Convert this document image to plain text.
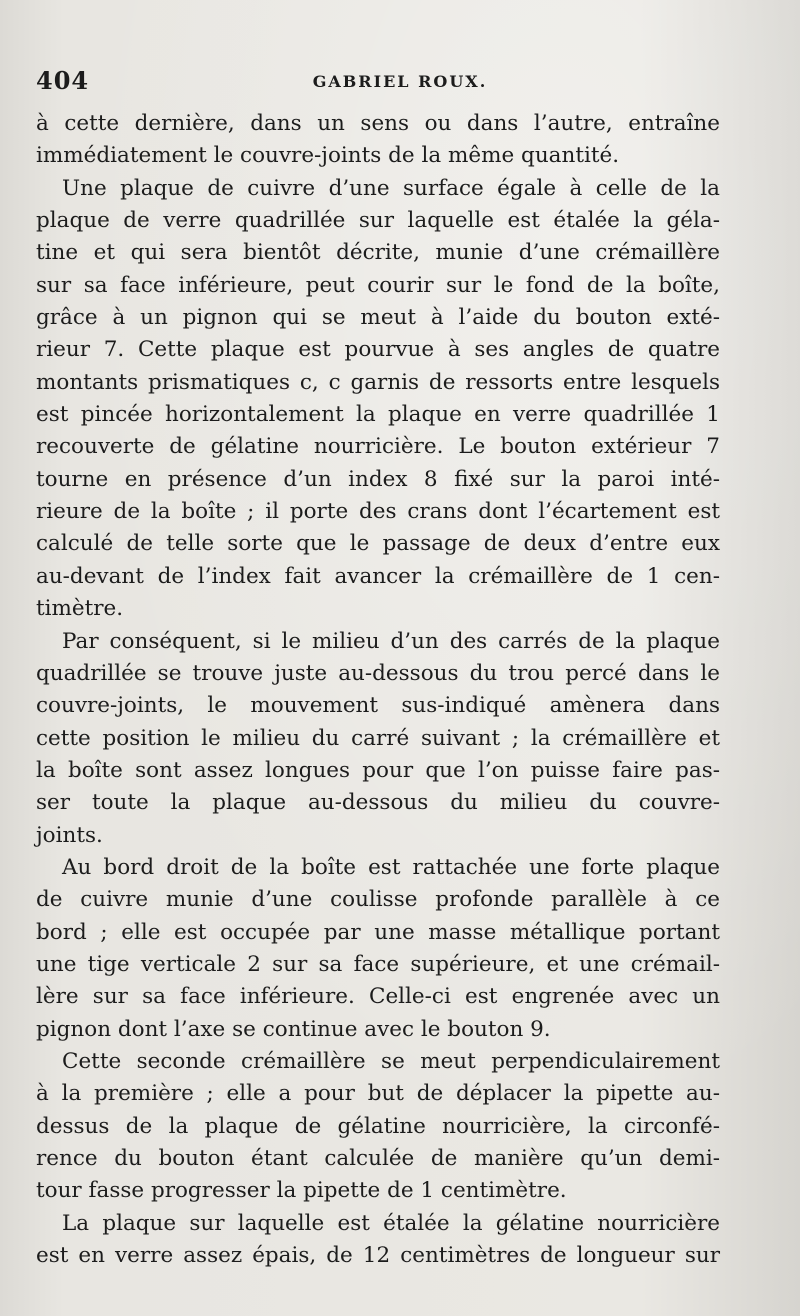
404	GABRIEL ROUX.
à cette dernière, dans un sens ou dans l’autre, entraîne
immédiatement le couvre-joints de la même quantité.
Une plaque de cuivre d’une surface égale à celle de la
plaque de verre quadrillée sur laquelle est étalée la géla-
tine et qui sera bientôt décrite, munie d’une crémaillère
sur sa face inférieure, peut courir sur le fond de la boîte,
grâce à un pignon qui se meut à l’aide du bouton exté-
rieur 7. Cette plaque est pourvue à ses angles de quatre
montants prismatiques c, c garnis de ressorts entre lesquels
est pincée horizontalement la plaque en verre quadrillée 1
recouverte de gélatine nourricière. Le bouton extérieur 7
tourne en présence d’un index 8 fixé sur la paroi inté-
rieure de la boîte ; il porte des crans dont l’écartement est
calculé de telle sorte que le passage de deux d’entre eux
au-devant de l’index fait avancer la crémaillère de 1 cen-
timètre.
Par conséquent, si le milieu d’un des carrés de la plaque
quadrillée se trouve juste au-dessous du trou percé dans le
couvre-joints, le mouvement sus-indiqué amènera dans
cette position le milieu du carré suivant ; la crémaillère et
la boîte sont assez longues pour que l’on puisse faire pas-
ser toute la plaque au-dessous du milieu du couvre-
joints.
Au bord droit de la boîte est rattachée une forte plaque
de cuivre munie d’une coulisse profonde parallèle à ce
bord ; elle est occupée par une masse métallique portant
une tige verticale 2 sur sa face supérieure, et une crémail-
lère sur sa face inférieure. Celle-ci est engrenée avec un
pignon dont l’axe se continue avec le bouton 9.
Cette seconde crémaillère se meut perpendiculairement
à la première ; elle a pour but de déplacer la pipette au-
dessus de la plaque de gélatine nourricière, la circonfé-
rence du bouton étant calculée de manière qu’un demi-
tour fasse progresser la pipette de 1 centimètre.
La plaque sur laquelle est étalée la gélatine nourricière
est en verre assez épais, de 12 centimètres de longueur sur
